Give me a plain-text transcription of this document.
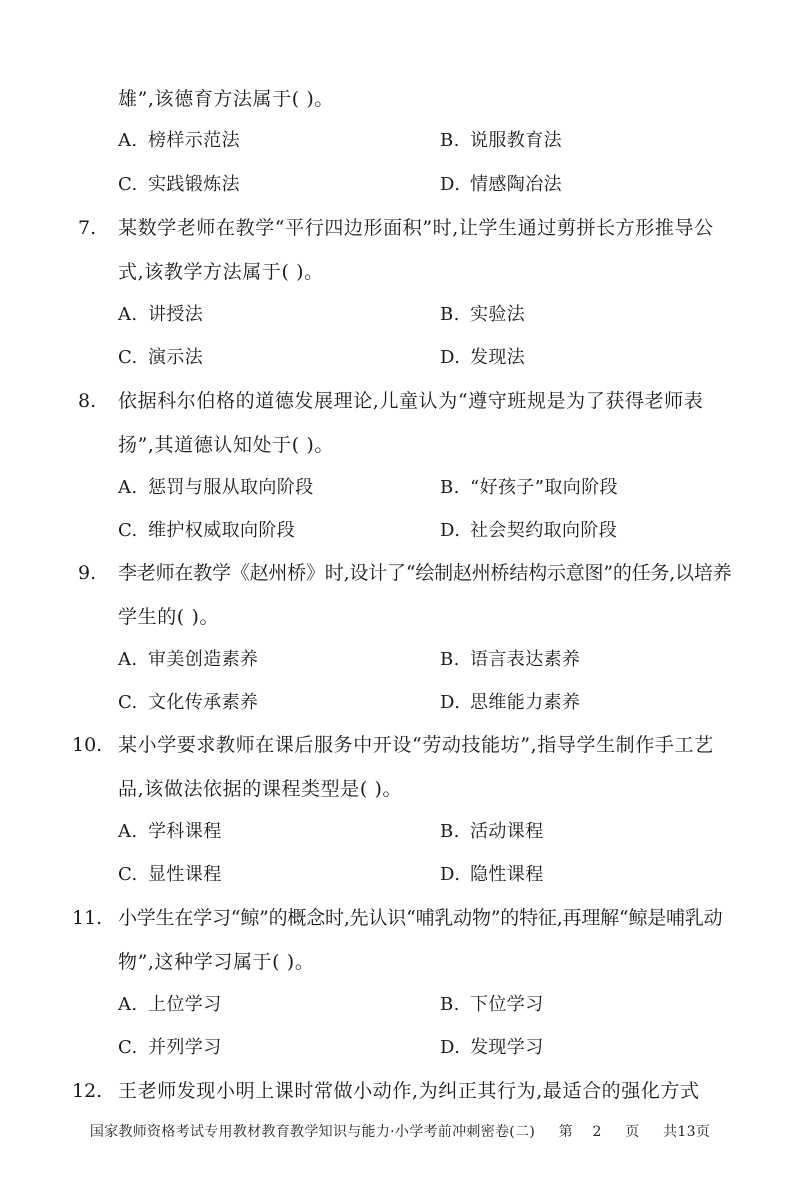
雄”,该德育方法属于( )。
A. 榜样示范法	B. 说服教育法
C. 实践锻炼法	D. 情感陶冶法
7. 某数学老师在教学“平行四边形面积”时,让学生通过剪拼长方形推导公
式,该教学方法属于( )。
A. 讲授法	B. 实验法
C. 演示法	D. 发现法
8. 依据科尔伯格的道德发展理论,儿童认为“遵守班规是为了获得老师表
扬”,其道德认知处于( )。
A. 惩罚与服从取向阶段	B. “好孩子”取向阶段
C. 维护权威取向阶段	D. 社会契约取向阶段
9. 李老师在教学《赵州桥》时,设计了“绘制赵州桥结构示意图”的任务,以培养
学生的( )。
A. 审美创造素养	B. 语言表达素养
C. 文化传承素养	D. 思维能力素养
10. 某小学要求教师在课后服务中开设“劳动技能坊”,指导学生制作手工艺
品,该做法依据的课程类型是( )。
A. 学科课程	B. 活动课程
C. 显性课程	D. 隐性课程
11. 小学生在学习“鲸”的概念时,先认识“哺乳动物”的特征,再理解“鲸是哺乳动
物”,这种学习属于( )。
A. 上位学习	B. 下位学习
C. 并列学习	D. 发现学习
12. 王老师发现小明上课时常做小动作,为纠正其行为,最适合的强化方式
国家教师资格考试专用教材教育教学知识与能力·小学考前冲刺密卷(二) 第 2 页 共13页
